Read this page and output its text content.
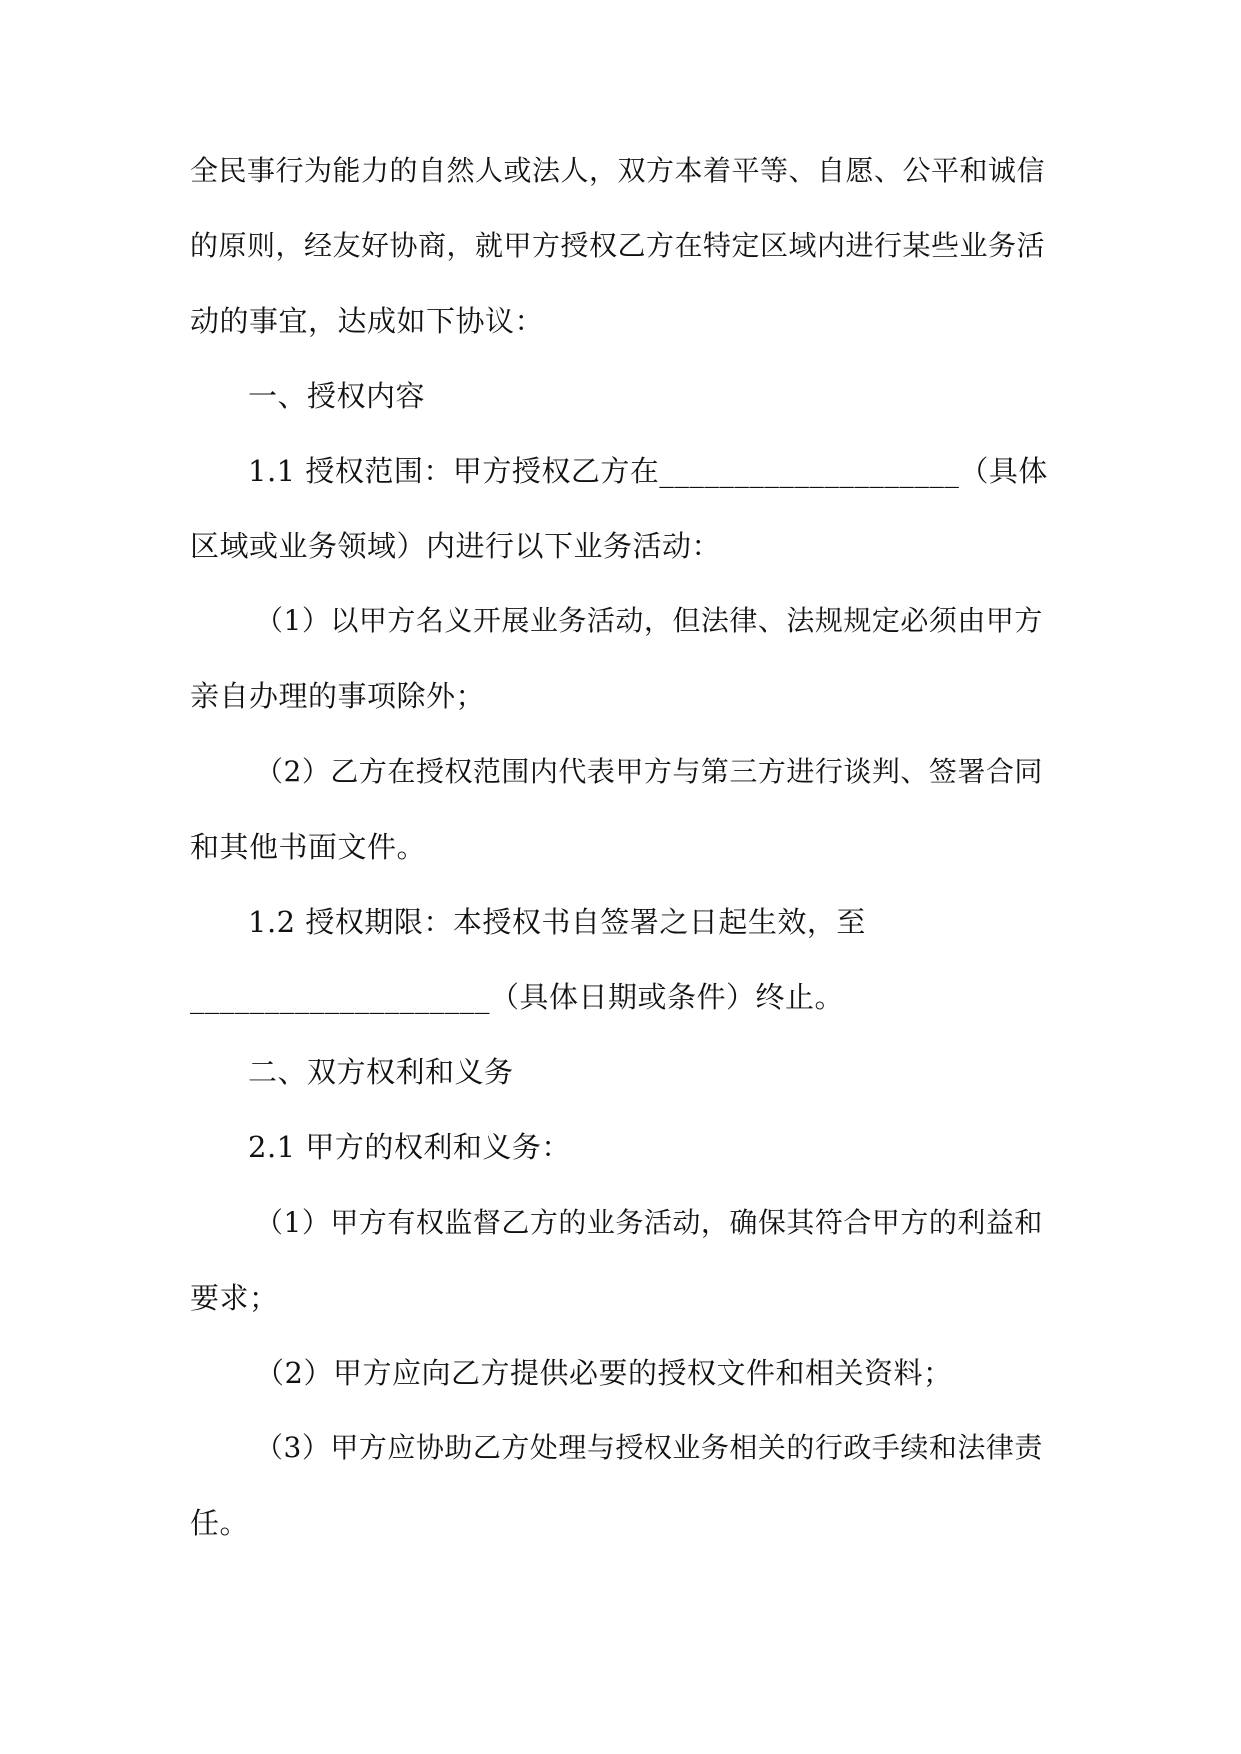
全民事行为能力的自然人或法人，双方本着平等、自愿、公平和诚信
的原则，经友好协商，就甲方授权乙方在特定区域内进行某些业务活
动的事宜，达成如下协议：
一、授权内容
1.1 授权范围：甲方授权乙方在____________________（具体
区域或业务领域）内进行以下业务活动：
（1）以甲方名义开展业务活动，但法律、法规规定必须由甲方
亲自办理的事项除外；
（2）乙方在授权范围内代表甲方与第三方进行谈判、签署合同
和其他书面文件。
1.2 授权期限：本授权书自签署之日起生效，至
____________________（具体日期或条件）终止。
二、双方权利和义务
2.1 甲方的权利和义务：
（1）甲方有权监督乙方的业务活动，确保其符合甲方的利益和
要求；
（2）甲方应向乙方提供必要的授权文件和相关资料；
（3）甲方应协助乙方处理与授权业务相关的行政手续和法律责
任。
